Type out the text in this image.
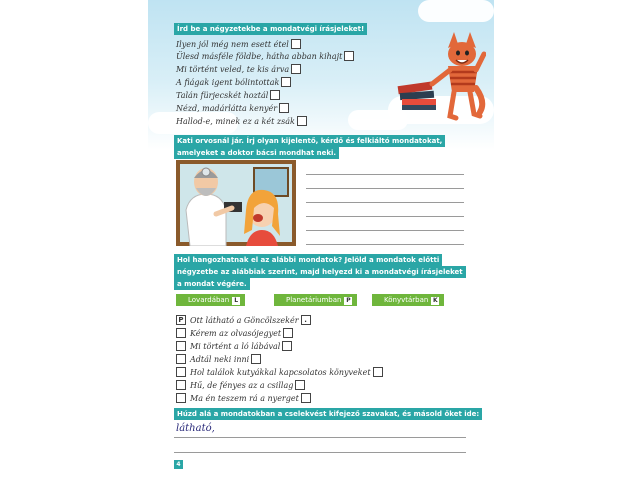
Írd be a négyzetekbe a mondatvégi írásjeleket!
Ilyen jól még nem esett étel
Ülesd másféle földbe, hátha abban kihajt
Mi történt veled, te kis árva
A fiágak igent bólintottak
Talán fürjecskét hoztál
Nézd, madárlátta kenyér
Hallod-e, minek ez a két zsák
Kati orvosnál jár. Írj olyan kijelentő, kérdő és felkiáltó mondatokat,
amelyeket a doktor bácsi mondhat neki.
Hol hangozhatnak el az alábbi mondatok? Jelöld a mondatok előtti
négyzetbe az alábbiak szerint, majd helyezd ki a mondatvégi írásjeleket
a mondat végére.
Lovardában L	Planetáriumban P	Könyvtárban K
P Ott látható a Göncölszekér .
Kérem az olvasójegyet
Mi történt a ló lábával
Adtál neki inni
Hol találok kutyákkal kapcsolatos könyveket
Hű, de fényes az a csillag
Ma én teszem rá a nyerget
Húzd alá a mondatokban a cselekvést kifejező szavakat, és másold őket ide:
látható,
4
